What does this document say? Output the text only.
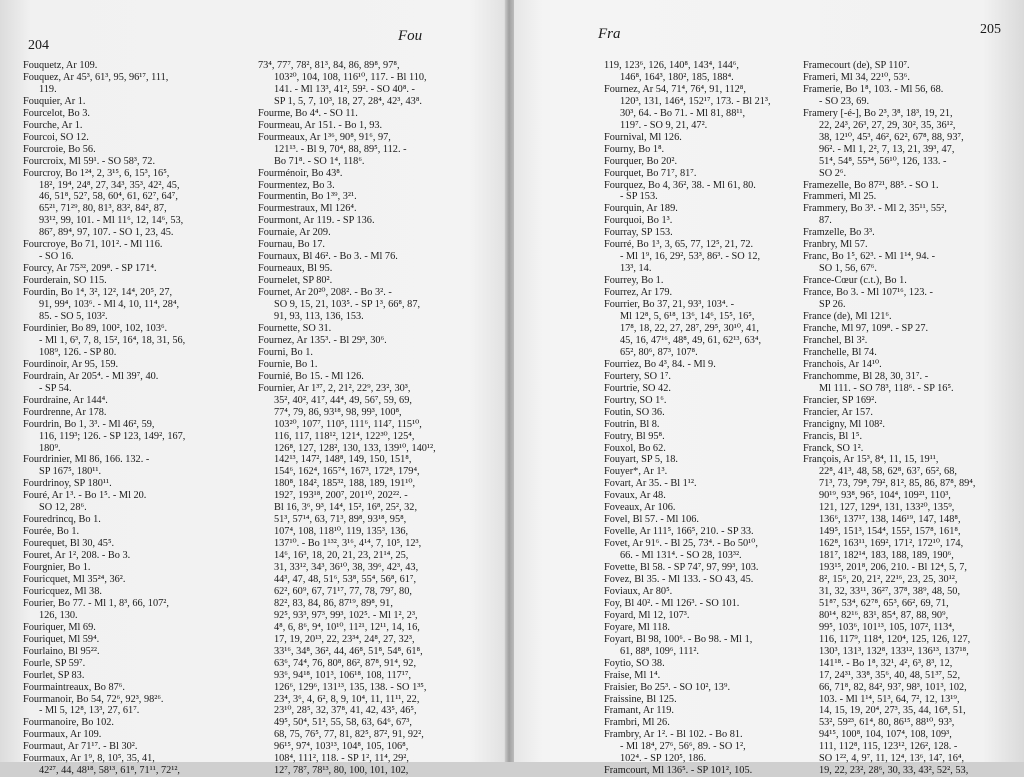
204
Fou
Fouquetz, Ar 109.
Fouquez, Ar 45³, 61³, 95, 96¹⁷, 111,
119.
Fouquier, Ar 1.
Fourcelot, Bo 3.
Fourche, Ar 1.
Fourcoi, SO 12.
Fourcroie, Bo 56.
Fourcroix, Ml 59¹. - SO 58³, 72.
Fourcroy, Bo 1²⁴, 2, 3¹⁵, 6, 15³, 16⁵,
18², 19⁴, 24⁸, 27, 34³, 35³, 42², 45,
46, 51⁸, 52⁷, 58, 60⁴, 61, 62⁷, 64⁷,
65²¹, 71²⁹, 80, 81³, 83², 84², 87,
93¹², 99, 101. - Ml 11⁶, 12, 14⁶, 53,
86⁷, 89⁴, 97, 107. - SO 1, 23, 45.
Fourcroye, Bo 71, 101². - Ml 116.
- SO 16.
Fourcy, Ar 75³², 209⁸. - SP 171⁴.
Fourderain, SO 115.
Fourdin, Bo 1⁴, 3², 12², 14⁴, 20⁵, 27,
91, 99⁴, 103⁶. - Ml 4, 10, 11⁴, 28⁴,
85. - SO 5, 103².
Fourdinier, Bo 89, 100², 102, 103⁶.
- Ml 1, 6³, 7, 8, 15², 16⁴, 18, 31, 56,
108⁹, 126. - SP 80.
Fourdinoir, Ar 95, 159.
Fourdrain, Ar 205⁴. - Ml 39⁷, 40.
- SP 54.
Fourdraine, Ar 144⁴.
Fourdrenne, Ar 178.
Fourdrin, Bo 1, 3³. - Ml 46², 59,
116, 119³; 126. - SP 123, 149², 167,
180⁹.
Fourdrinier, Ml 86, 166. 132. -
SP 167⁵, 180¹¹.
Fourdrinoy, SP 180¹¹.
Fouré, Ar 1³. - Bo 1⁵. - Ml 20.
SO 12, 28⁶.
Fouredrincq, Bo 1.
Fourée, Bo 1.
Fourequet, Bl 30, 45⁵.
Fouret, Ar 1², 208. - Bo 3.
Fourgnier, Bo 1.
Fouricquet, Ml 35²⁴, 36².
Fouricquez, Ml 38.
Fourier, Bo 77. - Ml 1, 8³, 66, 107²,
126, 130.
Fouriquer, Ml 69.
Fouriquet, Ml 59⁴.
Fourlaino, Bl 95²².
Fourle, SP 59⁷.
Fourlet, SP 83.
Fourmaintreaux, Bo 87⁶.
Fourmanoir, Bo 54, 72⁶, 92³, 98²⁶.
- Ml 5, 12⁸, 13³, 27, 61⁷.
Fourmanoire, Bo 102.
Fourmaux, Ar 109.
Fourmaut, Ar 71¹⁷. - Bl 30².
Fourmaux, Ar 1⁹, 8, 10⁵, 35, 41,
42²⁷, 44, 48¹⁸, 58¹³, 61⁸, 71¹¹, 72¹²,
73⁴, 77⁷, 78², 81³, 84, 86, 89⁸, 97⁸,
103²⁰, 104, 108, 116¹⁰, 117. - Bl 110,
141. - Ml 13³, 41², 59². - SO 40⁸. -
SP 1, 5, 7, 10³, 18, 27, 28⁴, 42³, 43⁸.
Fourme, Bo 4⁴. - SO 11.
Fourmeau, Ar 151. - Bo 1, 93.
Fourmeaux, Ar 1³⁶, 90⁸, 91⁶, 97,
121¹³. - Bl 9, 70⁴, 88, 89⁵, 112. -
Bo 71⁸. - SO 1⁴, 118⁶.
Fourménoir, Bo 43⁸.
Fourmentez, Bo 3.
Fourmentin, Bo 1³⁹, 3²¹.
Fourmestraux, Ml 126⁴.
Fourmont, Ar 119. - SP 136.
Fournaie, Ar 209.
Fournau, Bo 17.
Fournaux, Bl 46². - Bo 3. - Ml 76.
Fourneaux, Bl 95.
Fournelet, SP 80².
Fournet, Ar 20²⁰, 208². - Bo 3². -
SO 9, 15, 21, 103⁵. - SP 1³, 66⁸, 87,
91, 93, 113, 136, 153.
Fournette, SO 31.
Fournez, Ar 135³. - Bl 29³, 30⁶.
Fourni, Bo 1.
Fournie, Bo 1.
Fournié, Bo 15. - Ml 126.
Fournier, Ar 1³⁷, 2, 21², 22⁹, 23², 30³,
35², 40², 41⁷, 44⁴, 49, 56⁷, 59, 69,
77⁴, 79, 86, 93¹⁸, 98, 99³, 100⁸,
103²⁰, 107⁷, 110⁵, 111⁶, 114⁷, 115¹⁰,
116, 117, 118¹², 121⁴, 122³⁰, 125⁴,
126⁸, 127, 128², 130, 133, 139¹⁰, 140¹²,
142¹³, 147², 148⁸, 149, 150, 151⁸,
154⁶, 162⁴, 165⁷⁴, 167³, 172⁸, 179⁴,
180⁸, 184², 185³², 188, 189, 191¹⁰,
192⁷, 193¹⁸, 200⁷, 201¹⁰, 202²². -
Bl 16, 3⁶, 9³, 14⁴, 15², 16⁸, 25², 32,
51³, 57¹⁴, 63, 71³, 89⁸, 93¹⁸, 95⁸,
107⁴, 108, 118¹⁰, 119, 135³, 136,
137¹⁰. - Bo 1¹³², 3¹⁶, 4¹⁴, 7, 10⁵, 12³,
14⁶, 16³, 18, 20, 21, 23, 21¹⁴, 25,
31, 33¹², 34³, 36¹⁰, 38, 39⁶, 42³, 43,
44³, 47, 48, 51⁶, 53⁸, 55⁴, 56⁸, 61⁷,
62², 60⁹, 67, 71¹⁷, 77, 78, 79⁷, 80,
82², 83, 84, 86, 87¹⁹, 89⁸, 91,
92⁵, 93³, 97³, 99³, 102⁵. - Ml 1², 2³,
4⁸, 6, 8⁶, 9⁴, 10¹⁰, 11²¹, 12¹¹, 14, 16,
17, 19, 20¹³, 22, 23³⁴, 24⁸, 27, 32³,
33¹⁶, 34⁸, 36², 44, 46⁸, 51⁸, 54⁸, 61⁸,
63⁶, 74⁴, 76, 80⁸, 86², 87⁸, 91⁴, 92,
93⁶, 94¹⁸, 101³, 106¹⁸, 108, 117¹⁷,
126⁶, 129⁶, 131¹³, 135, 138. - SO 1³⁵,
23⁴, 3⁶, 4, 6², 8, 9, 10⁴, 11, 11¹¹, 22,
23¹⁰, 28⁵, 32, 37⁸, 41, 42, 43⁵, 46⁵,
49⁵, 50⁴, 51², 55, 58, 63, 64⁶, 67³,
68, 75, 76⁵, 77, 81, 82⁵, 87², 91, 92²,
96¹⁵, 97⁴, 103¹³, 104⁸, 105, 106⁸,
108⁴, 111², 118. - SP 1², 11⁴, 29²,
12⁷, 78⁷, 78¹³, 80, 100, 101, 102,
205
Fra
119, 123⁶, 126, 140⁸, 143⁴, 144⁶,
146⁸, 164³, 180², 185, 188⁴.
Fournez, Ar 54, 71⁴, 76⁴, 91, 112⁸,
120³, 131, 146⁴, 152¹⁷, 173. - Bl 21³,
30³, 64. - Bo 71. - Ml 81, 88¹¹,
119⁷. - SO 9, 21, 47².
Fournival, Ml 126.
Fourny, Bo 1⁸.
Fourquer, Bo 20².
Fourquet, Bo 71⁷, 81⁷.
Fourquez, Bo 4, 36², 38. - Ml 61, 80.
- SP 153.
Fourquin, Ar 189.
Fourquoi, Bo 1³.
Fourray, SP 153.
Fourré, Bo 1³, 3, 65, 77, 12⁵, 21, 72.
- Ml 1⁹, 16, 29², 53³, 86³. - SO 12,
13³, 14.
Fourrey, Bo 1.
Fourrez, Ar 179.
Fourrier, Bo 37, 21, 93³, 103⁴. -
Ml 12⁸, 5, 6¹⁸, 13⁶, 14⁶, 15⁵, 16⁵,
17⁸, 18, 22, 27, 28⁷, 29⁵, 30¹⁰, 41,
45, 16, 47¹⁶, 48⁸, 49, 61, 62¹³, 63⁴,
65², 80⁶, 87³, 107⁸.
Fourriez, Bo 4³, 84. - Ml 9.
Fourtery, SO 1⁷.
Fourtrie, SO 42.
Fourtry, SO 1⁶.
Foutin, SO 36.
Foutrin, Bl 8.
Foutry, Bl 95⁸.
Fouxol, Bo 62.
Fouyart, SP 5, 18.
Fouyer*, Ar 1³.
Fovart, Ar 35. - Bl 1¹².
Fovaux, Ar 48.
Foveaux, Ar 106.
Fovel, Bl 57. - Ml 106.
Fovelle, Ar 111⁵, 166⁵, 210. - SP 33.
Fovet, Ar 91⁶. - Bl 25, 73⁴. - Bo 50¹⁰,
66. - Ml 131⁴. - SO 28, 103³².
Fovette, Bl 58. - SP 74⁷, 97, 99³, 103.
Fovez, Bl 35. - Ml 133. - SO 43, 45.
Foviaux, Ar 80⁵.
Foy, Bl 40². - Ml 126³. - SO 101.
Foyard, Ml 12, 107³.
Foyare, Ml 118.
Foyart, Bl 98, 100⁶. - Bo 98. - Ml 1,
61, 88⁸, 109⁶, 111².
Foytio, SO 38.
Fraise, Ml 1⁴.
Fraisier, Bo 25³. - SO 10², 13⁹.
Fraissine, Bl 125.
Framant, Ar 119.
Frambri, Ml 26.
Frambry, Ar 1². - Bl 102. - Bo 81.
- Ml 18⁴, 27⁶, 56⁶, 89. - SO 1²,
102⁴. - SP 120⁵, 186.
Framcourt, Ml 136⁵. - SP 101², 105.
Framecourt (de), SP 110⁷.
Frameri, Ml 34, 22¹⁰, 53⁶.
Framerie, Bo 1⁸, 103. - Ml 56, 68.
- SO 23, 69.
Framery [-é-], Bo 2³, 3⁸, 18³, 19, 21,
22, 24³, 26³, 27, 29, 30², 35, 36¹²,
38, 12¹⁰, 45³, 46², 62², 67⁸, 88, 93⁷,
96². - Ml 1, 2², 7, 13, 21, 39³, 47,
51⁴, 54⁸, 55³⁴, 56¹⁰, 126, 133. -
SO 2⁶.
Framezelle, Bo 87²¹, 88⁵. - SO 1.
Frammeri, Ml 25.
Frammery, Bo 3³. - Ml 2, 35¹¹, 55²,
87.
Framzelle, Bo 3³.
Franbry, Ml 57.
Franc, Bo 1⁵, 62³. - Ml 1¹⁴, 94. -
SO 1, 56, 67⁶.
France-Cœur (c.t.), Bo 1.
France, Bo 3. - Ml 107¹⁶, 123. -
SP 26.
France (de), Ml 121⁶.
Franche, Ml 97, 109⁸. - SP 27.
Franchel, Bl 3².
Franchelle, Bl 74.
Franchois, Ar 14¹⁰.
Franchomme, Bl 28, 30, 31⁷. -
Ml 111. - SO 78³, 118⁶. - SP 16⁵.
Francier, SP 169².
Francier, Ar 157.
Francigny, Ml 108².
Francis, Bl 1⁵.
Franck, SO 1².
François, Ar 15³, 8⁴, 11, 15, 19¹¹,
22⁸, 41³, 48, 58, 62⁸, 63⁷, 65², 68,
71³, 73, 79⁸, 79², 81², 85, 86, 87⁸, 89⁴,
90¹⁹, 93⁸, 96⁵, 104⁴, 109²¹, 110³,
121, 127, 129⁴, 131, 133²⁰, 135⁹,
136⁶, 137¹⁷, 138, 146¹⁹, 147, 148⁸,
149⁵, 151³, 154⁴, 155², 157⁸, 161⁸,
162⁸, 163¹¹, 169², 171², 172¹⁰, 174,
181⁷, 182¹⁴, 183, 188, 189, 190⁶,
193¹⁵, 201⁸, 206, 210. - Bl 12⁴, 5, 7,
8², 15⁶, 20, 21², 22¹⁶, 23, 25, 30¹²,
31, 32, 33¹¹, 36²⁷, 37⁸, 38⁹, 48, 50,
51⁸⁷, 53⁴, 62⁷⁸, 65³, 66², 69, 71,
80¹⁴, 82¹⁶, 83¹, 85⁴, 87, 88, 90⁹,
99⁵, 103⁶, 101¹³, 105, 107², 113⁴,
116, 117⁹, 118⁴, 120⁴, 125, 126, 127,
130³, 131³, 132⁸, 133¹², 136¹³, 137¹⁸,
141¹⁸. - Bo 1⁸, 32¹, 4², 6³, 8³, 12,
17, 24³¹, 33⁸, 35⁶, 40, 48, 51³⁷, 52,
66, 71⁸, 82, 84², 93⁷, 98³, 101³, 102,
103. - Ml 1¹⁴, 51³, 64, 7², 12, 13¹⁹,
14, 15, 19, 20⁴, 27³, 35, 44, 16⁸, 51,
53², 59²³, 61⁴, 80, 86¹⁵, 88¹⁰, 93³,
94¹⁵, 100⁸, 104, 107⁴, 108, 109³,
111, 112⁸, 115, 123¹², 126², 128. -
SO 1²², 4, 9⁷, 11, 12⁴, 13⁶, 14⁷, 16⁴,
19, 22, 23², 28⁶, 30, 33, 43², 52², 53,
